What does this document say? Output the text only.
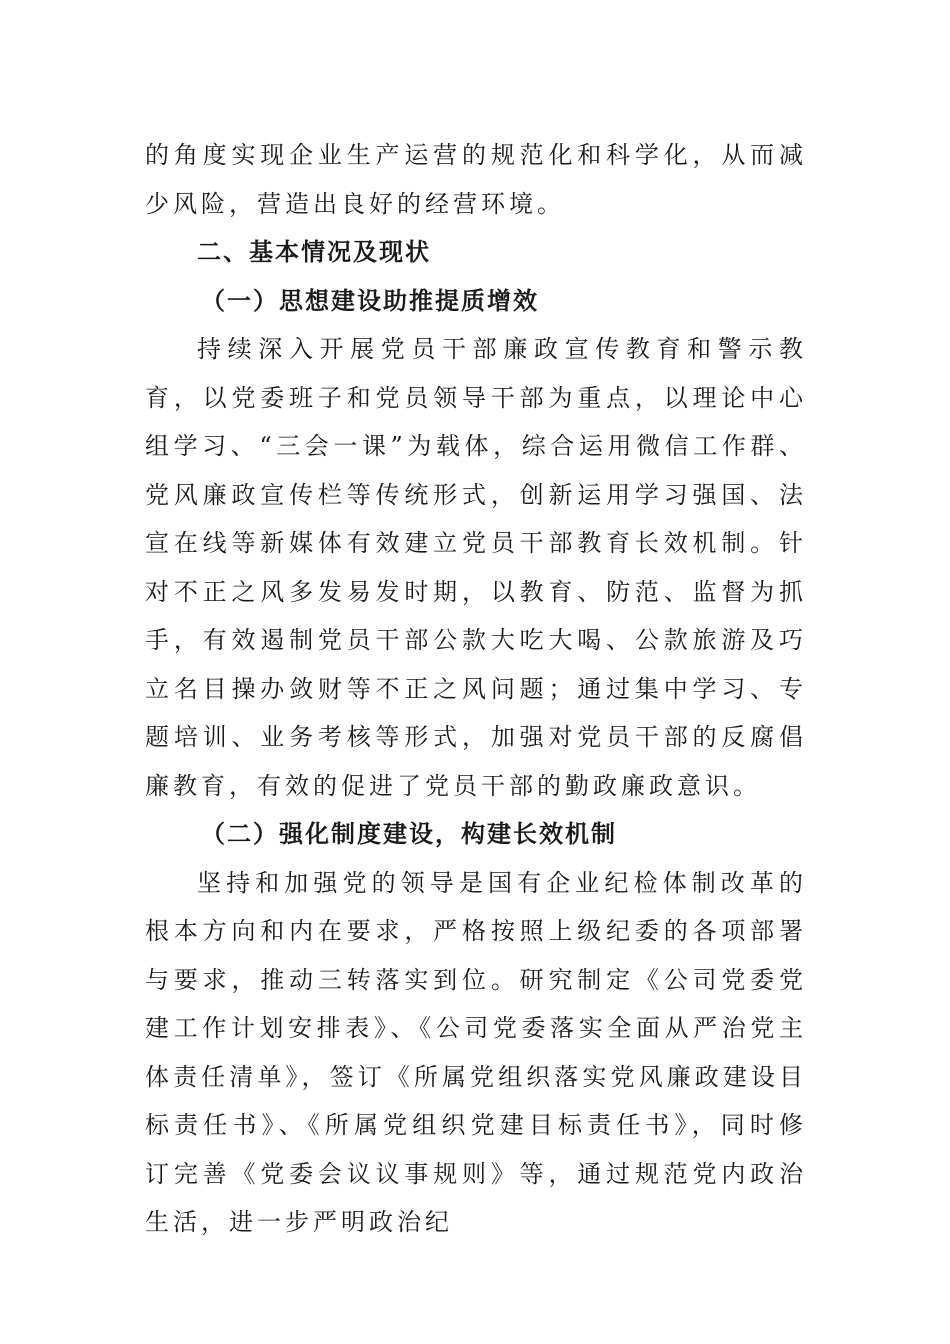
的角度实现企业生产运营的规范化和科学化，从而减少风险，营造出良好的经营环境。

二、基本情况及现状

（一）思想建设助推提质增效

持续深入开展党员干部廉政宣传教育和警示教育，以党委班子和党员领导干部为重点，以理论中心组学习、“三会一课”为载体，综合运用微信工作群、党风廉政宣传栏等传统形式，创新运用学习强国、法宣在线等新媒体有效建立党员干部教育长效机制。针对不正之风多发易发时期，以教育、防范、监督为抓手，有效遏制党员干部公款大吃大喝、公款旅游及巧立名目操办敛财等不正之风问题；通过集中学习、专题培训、业务考核等形式，加强对党员干部的反腐倡廉教育，有效的促进了党员干部的勤政廉政意识。

（二）强化制度建设，构建长效机制

坚持和加强党的领导是国有企业纪检体制改革的根本方向和内在要求，严格按照上级纪委的各项部署与要求，推动三转落实到位。研究制定《公司党委党建工作计划安排表》、《公司党委落实全面从严治党主体责任清单》，签订《所属党组织落实党风廉政建设目标责任书》、《所属党组织党建目标责任书》，同时修订完善《党委会议议事规则》等，通过规范党内政治生活，进一步严明政治纪
